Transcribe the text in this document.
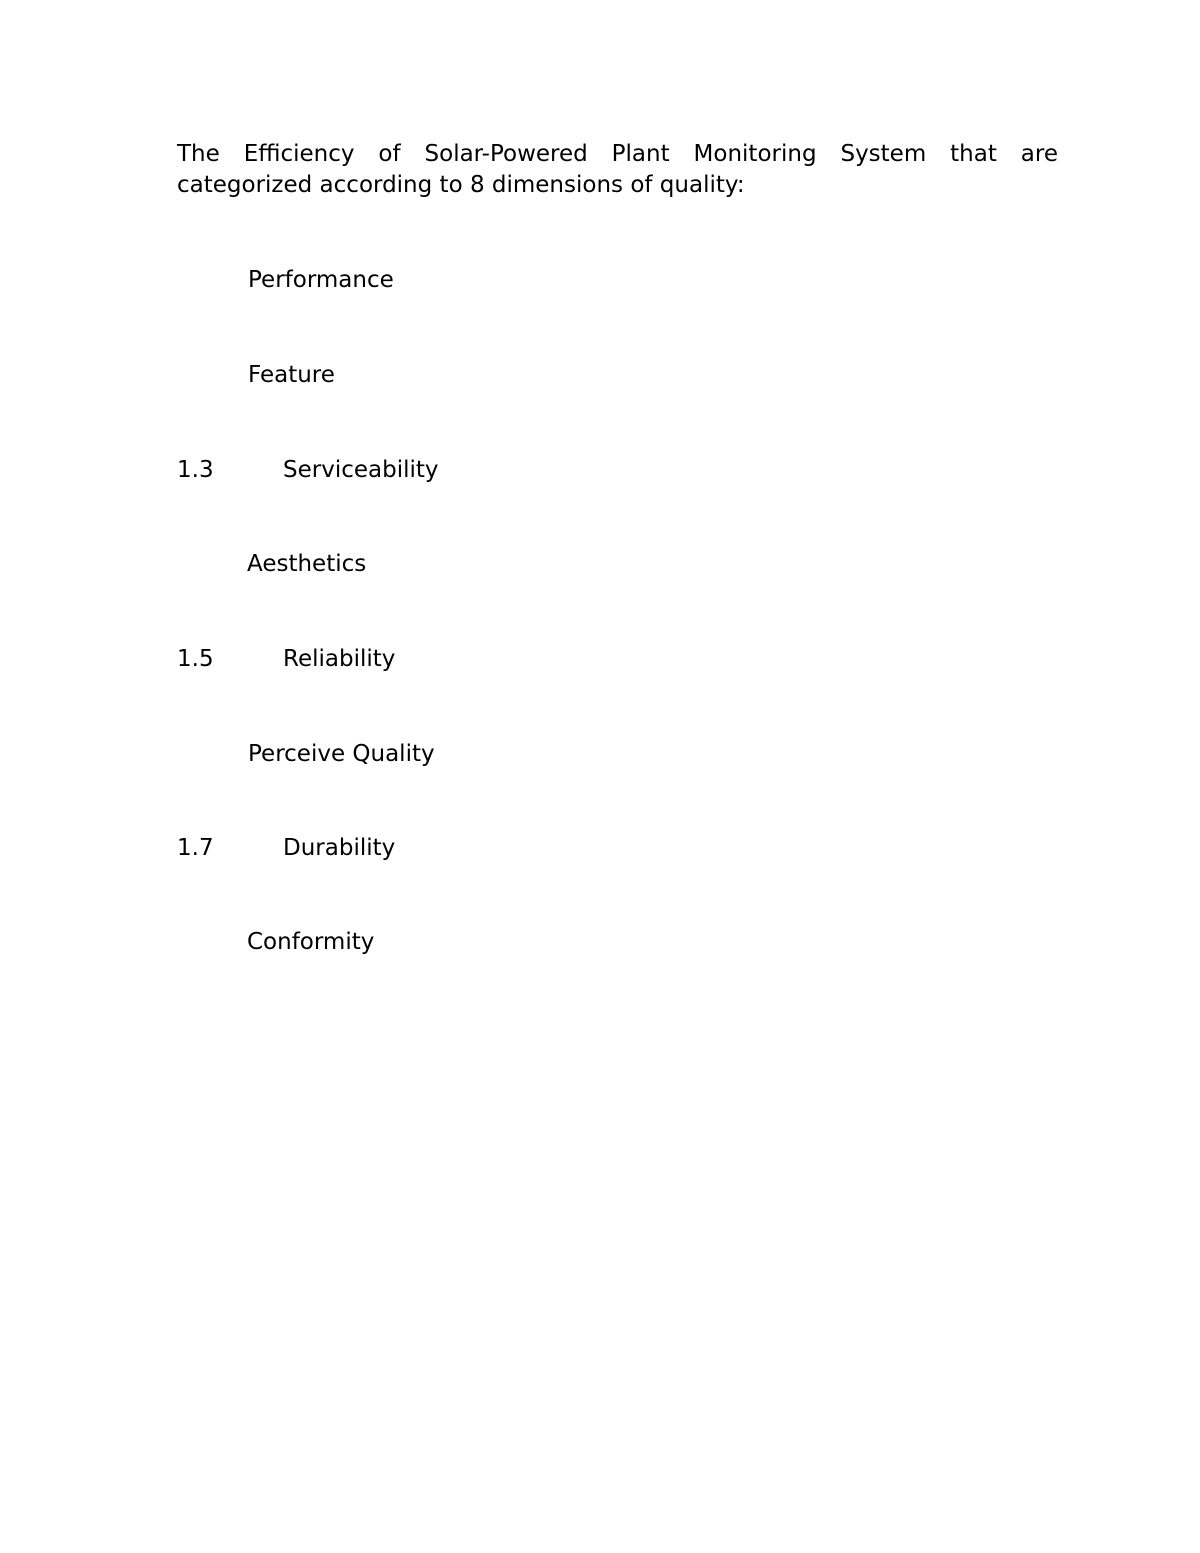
The Efficiency of Solar-Powered Plant Monitoring System that are
categorized according to 8 dimensions of quality:

Performance
Feature
1.3	Serviceability
Aesthetics
1.5	Reliability
Perceive Quality
1.7	Durability
Conformity
